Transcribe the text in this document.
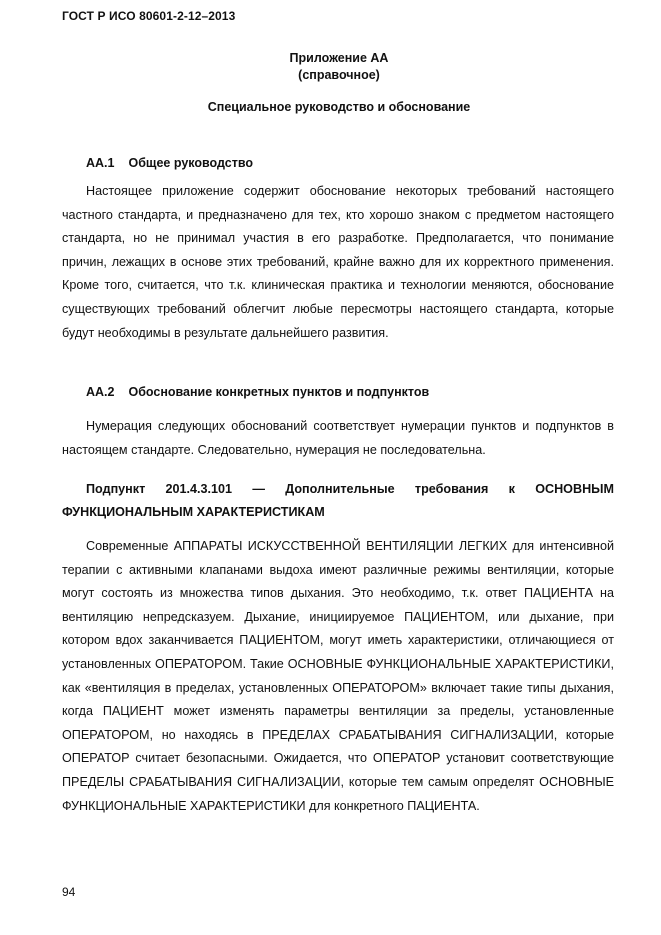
ГОСТ Р ИСО 80601-2-12–2013
Приложение АА
(справочное)
Специальное руководство и обоснование
АА.1 Общее руководство

Настоящее приложение содержит обоснование некоторых требований настоящего частного стандарта, и предназначено для тех, кто хорошо знаком с предметом настоящего стандарта, но не принимал участия в его разработке. Предполагается, что понимание причин, лежащих в основе этих требований, крайне важно для их корректного применения. Кроме того, считается, что т.к. клиническая практика и технологии меняются, обоснование существующих требований облегчит любые пересмотры настоящего стандарта, которые будут необходимы в результате дальнейшего развития.

АА.2 Обоснование конкретных пунктов и подпунктов

Нумерация следующих обоснований соответствует нумерации пунктов и подпунктов в настоящем стандарте. Следовательно, нумерация не последовательна.

Подпункт 201.4.3.101 — Дополнительные требования к ОСНОВНЫМ ФУНКЦИОНАЛЬНЫМ ХАРАКТЕРИСТИКАМ

Современные АППАРАТЫ ИСКУССТВЕННОЙ ВЕНТИЛЯЦИИ ЛЕГКИХ для интенсивной терапии с активными клапанами выдоха имеют различные режимы вентиляции, которые могут состоять из множества типов дыхания. Это необходимо, т.к. ответ ПАЦИЕНТА на вентиляцию непредсказуем. Дыхание, инициируемое ПАЦИЕНТОМ, или дыхание, при котором вдох заканчивается ПАЦИЕНТОМ, могут иметь характеристики, отличающиеся от установленных ОПЕРАТОРОМ. Такие ОСНОВНЫЕ ФУНКЦИОНАЛЬНЫЕ ХАРАКТЕРИСТИКИ, как «вентиляция в пределах, установленных ОПЕРАТОРОМ» включает такие типы дыхания, когда ПАЦИЕНТ может изменять параметры вентиляции за пределы, установленные ОПЕРАТОРОМ, но находясь в ПРЕДЕЛАХ СРАБАТЫВАНИЯ СИГНАЛИЗАЦИИ, которые ОПЕРАТОР считает безопасными. Ожидается, что ОПЕРАТОР установит соответствующие ПРЕДЕЛЫ СРАБАТЫВАНИЯ СИГНАЛИЗАЦИИ, которые тем самым определят ОСНОВНЫЕ ФУНКЦИОНАЛЬНЫЕ ХАРАКТЕРИСТИКИ для конкретного ПАЦИЕНТА.

94
